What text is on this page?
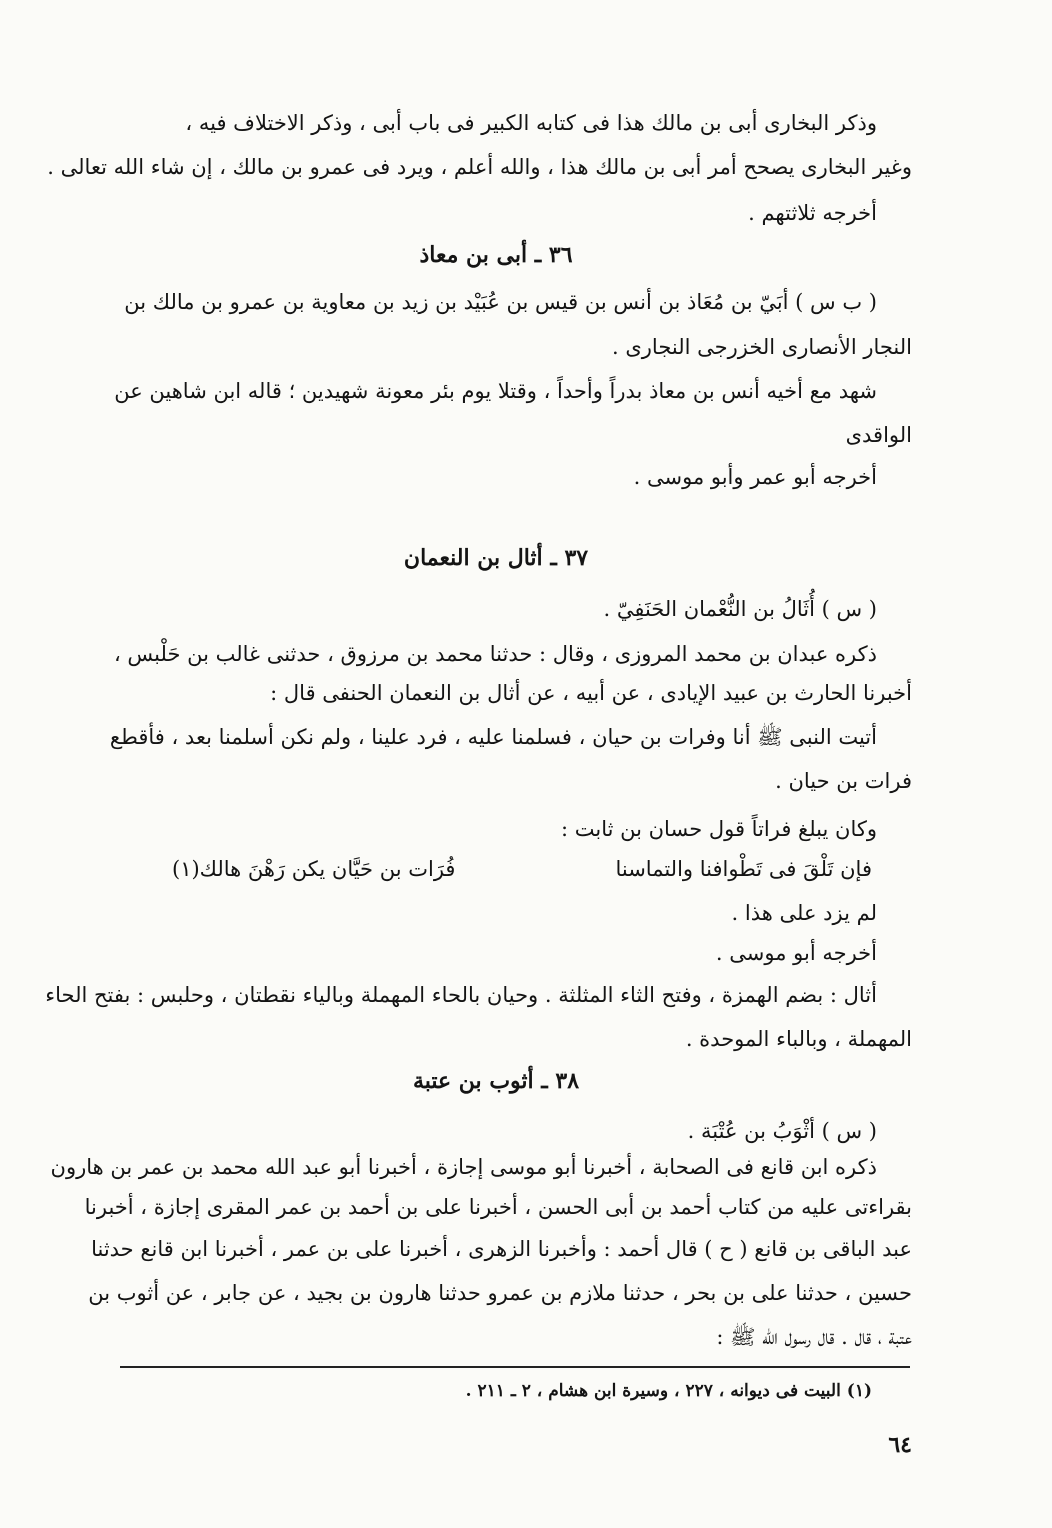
وذكر البخارى أبى بن مالك هذا فى كتابه الكبير فى باب أبى ، وذكر الاختلاف فيه ،
وغير البخارى يصحح أمر أبى بن مالك هذا ، والله أعلم ، ويرد فى عمرو بن مالك ، إن شاء الله تعالى .
أخرجه ثلاثتهم .
٣٦ ـ أبى بن معاذ
( ب س ) أبَيّ بن مُعَاذ بن أنس بن قيس بن عُبَيْد بن زيد بن معاوية بن عمرو بن مالك بن
النجار الأنصارى الخزرجى النجارى .
شهد مع أخيه أنس بن معاذ بدراً وأحداً ، وقتلا يوم بئر معونة شهيدين ؛ قاله ابن شاهين عن
الواقدى
أخرجه أبو عمر وأبو موسى .
٣٧ ـ أثال بن النعمان
( س ) أُثَالُ بن النُّعْمان الحَنَفِيّ .
ذكره عبدان بن محمد المروزى ، وقال : حدثنا محمد بن مرزوق ، حدثنى غالب بن حَلْبس ،
أخبرنا الحارث بن عبيد الإيادى ، عن أبيه ، عن أثال بن النعمان الحنفى قال :
أتيت النبى ﷺ أنا وفرات بن حيان ، فسلمنا عليه ، فرد علينا ، ولم نكن أسلمنا بعد ، فأقطع
فرات بن حيان .
وكان يبلغ فراتاً قول حسان بن ثابت :
فإن تَلْقَ فى تَطْوافنا والتماسنا
فُرَات بن حَيَّان يكن رَهْنَ هالك(١)
لم يزد على هذا .
أخرجه أبو موسى .
أثال : بضم الهمزة ، وفتح الثاء المثلثة . وحيان بالحاء المهملة وبالياء نقطتان ، وحلبس : بفتح الحاء
المهملة ، وبالباء الموحدة .
٣٨ ـ أثوب بن عتبة
( س ) أثْوَبُ بن عُتْبَة .
ذكره ابن قانع فى الصحابة ، أخبرنا أبو موسى إجازة ، أخبرنا أبو عبد الله محمد بن عمر بن هارون
بقراءتى عليه من كتاب أحمد بن أبى الحسن ، أخبرنا على بن أحمد بن عمر المقرى إجازة ، أخبرنا
عبد الباقى بن قانع ( ح ) قال أحمد : وأخبرنا الزهرى ، أخبرنا على بن عمر ، أخبرنا ابن قانع حدثنا
حسين ، حدثنا على بن بحر ، حدثنا ملازم بن عمرو حدثنا هارون بن بجيد ، عن جابر ، عن أثوب بن
عتبة ، قال . قال رسول الله ﷺ :
(١) البيت فى ديوانه ، ٢٢٧ ، وسيرة ابن هشام ، ٢ ـ ٢١١ .
٦٤
